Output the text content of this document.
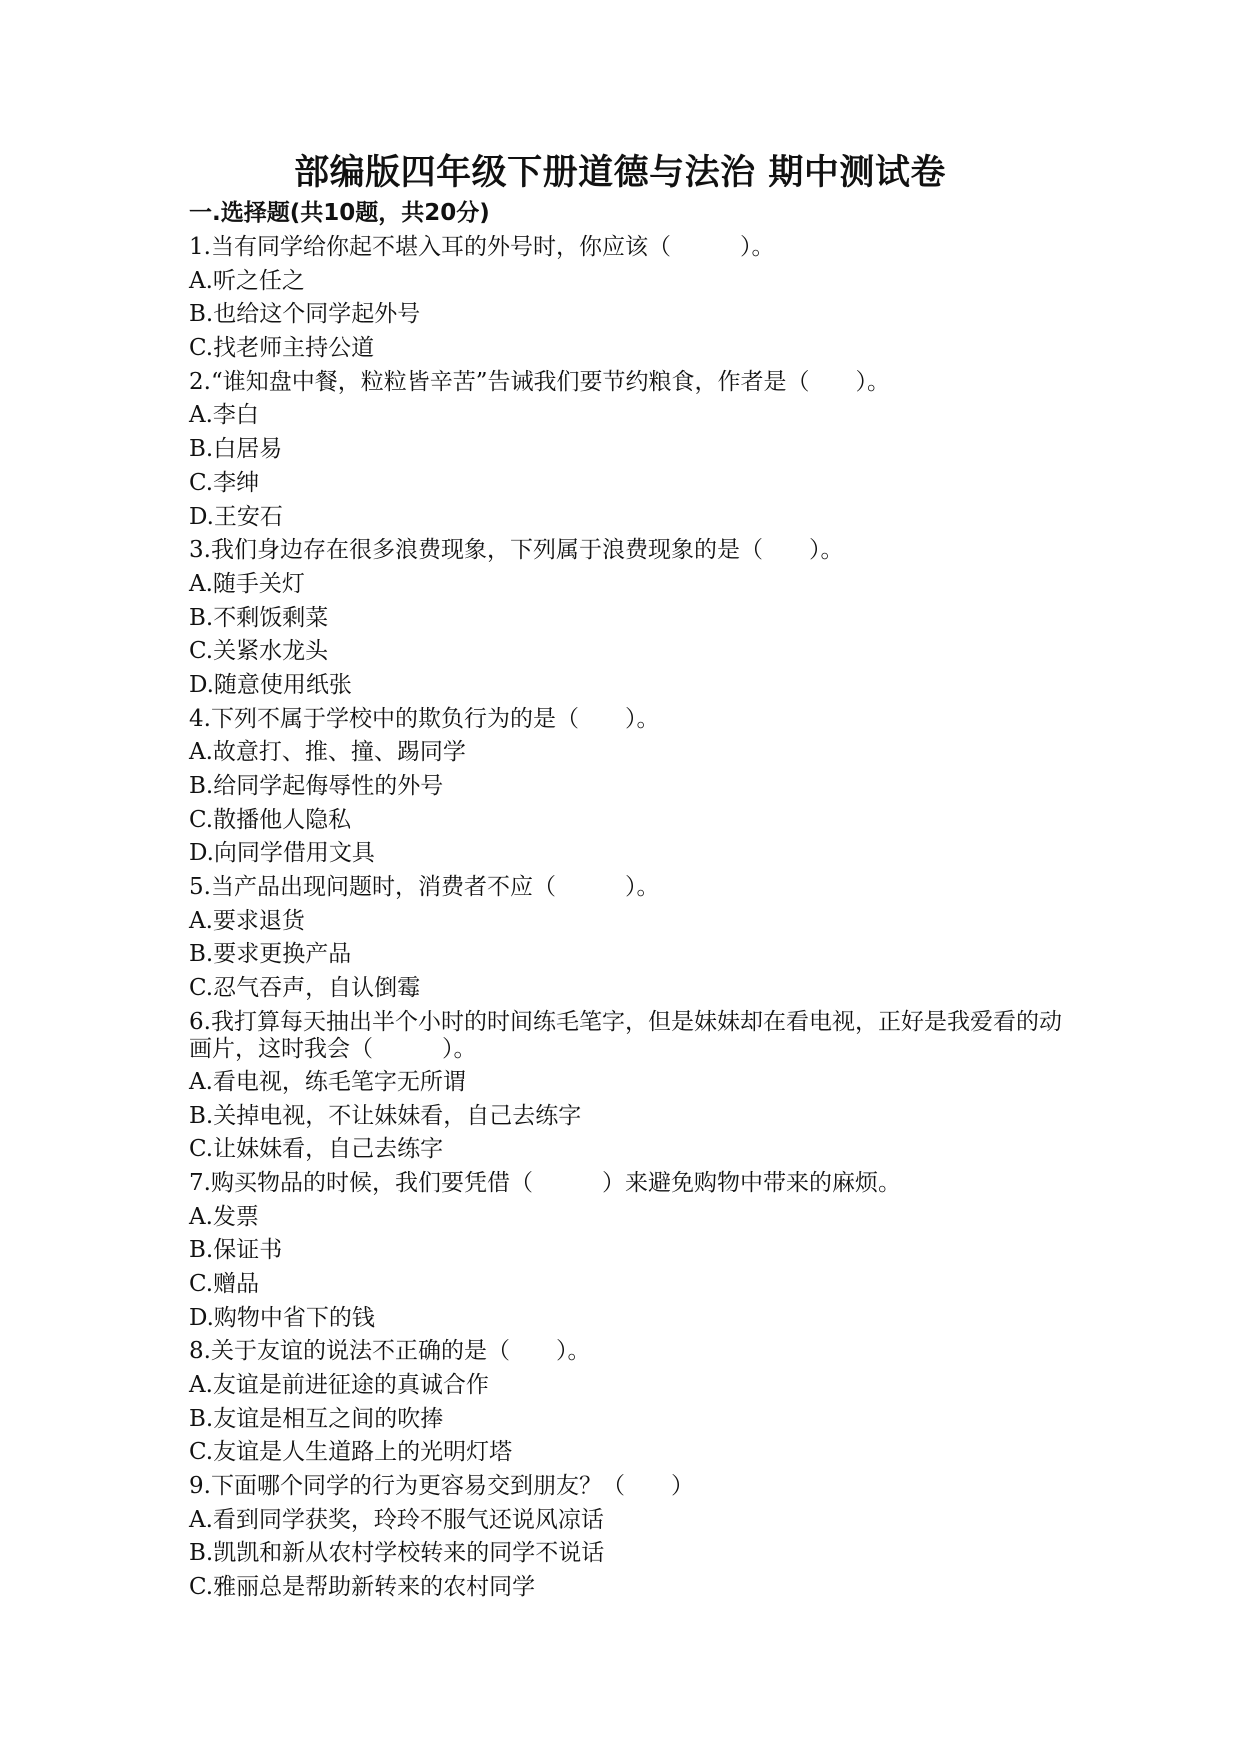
部编版四年级下册道德与法治 期中测试卷
一.选择题(共10题，共20分)
1.当有同学给你起不堪入耳的外号时，你应该（　　　）。
A.听之任之
B.也给这个同学起外号
C.找老师主持公道
2.“谁知盘中餐，粒粒皆辛苦”告诫我们要节约粮食，作者是（　　）。
A.李白
B.白居易
C.李绅
D.王安石
3.我们身边存在很多浪费现象，下列属于浪费现象的是（　　）。
A.随手关灯
B.不剩饭剩菜
C.关紧水龙头
D.随意使用纸张
4.下列不属于学校中的欺负行为的是（　　）。
A.故意打、推、撞、踢同学
B.给同学起侮辱性的外号
C.散播他人隐私
D.向同学借用文具
5.当产品出现问题时，消费者不应（　　　）。
A.要求退货
B.要求更换产品
C.忍气吞声，自认倒霉
6.我打算每天抽出半个小时的时间练毛笔字，但是妹妹却在看电视，正好是我爱看的动画片，这时我会（　　　）。
A.看电视，练毛笔字无所谓
B.关掉电视，不让妹妹看，自己去练字
C.让妹妹看，自己去练字
7.购买物品的时候，我们要凭借（　　　）来避免购物中带来的麻烦。
A.发票
B.保证书
C.赠品
D.购物中省下的钱
8.关于友谊的说法不正确的是（　　）。
A.友谊是前进征途的真诚合作
B.友谊是相互之间的吹捧
C.友谊是人生道路上的光明灯塔
9.下面哪个同学的行为更容易交到朋友？（　　）
A.看到同学获奖，玲玲不服气还说风凉话
B.凯凯和新从农村学校转来的同学不说话
C.雅丽总是帮助新转来的农村同学
